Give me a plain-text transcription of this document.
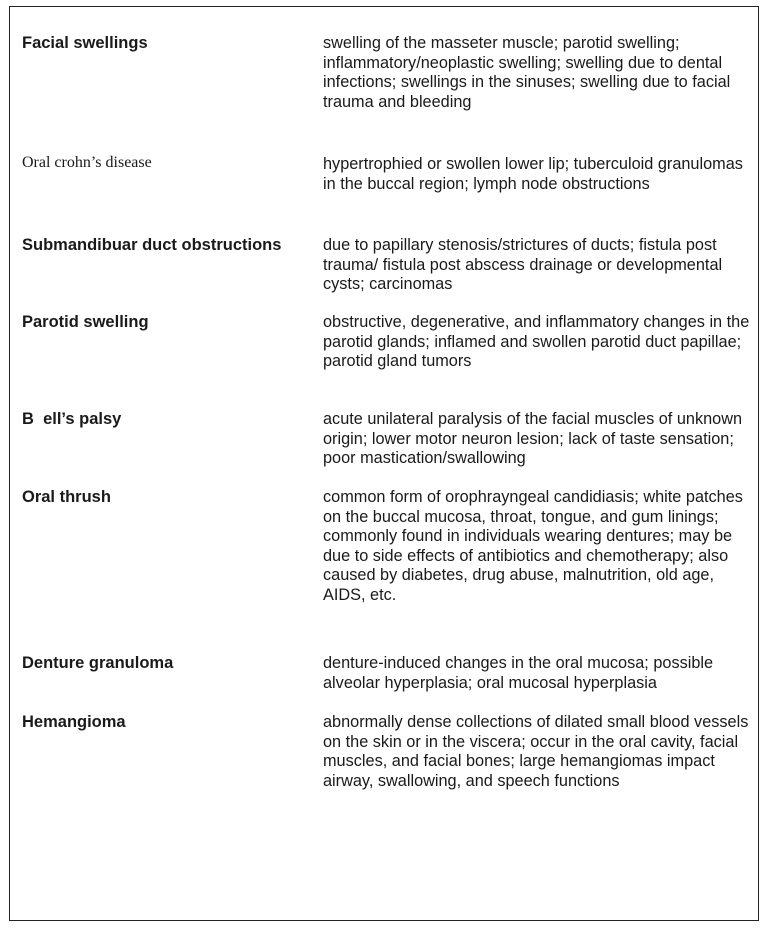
Facial swellings	swelling of the masseter muscle; parotid swelling; inflammatory/neoplastic swelling; swelling due to dental infections; swellings in the sinuses; swelling due to facial trauma and bleeding
Oral crohn’s disease	hypertrophied or swollen lower lip; tuberculoid granulomas in the buccal region; lymph node obstructions
Submandibuar duct obstructions	due to papillary stenosis/strictures of ducts; fistula post trauma/ fistula post abscess drainage or developmental cysts; carcinomas
Parotid swelling	obstructive, degenerative, and inflammatory changes in the parotid glands; inflamed and swollen parotid duct papillae; parotid gland tumors
B  ell’s palsy	acute unilateral paralysis of the facial muscles of unknown origin; lower motor neuron lesion; lack of taste sensation; poor mastication/swallowing
Oral thrush	common form of orophrayngeal candidiasis; white patches on the buccal mucosa, throat, tongue, and gum linings; commonly found in individuals wearing dentures; may be due to side effects of antibiotics and chemotherapy; also caused by diabetes, drug abuse, malnutrition, old age, AIDS, etc.
Denture granuloma	denture-induced changes in the oral mucosa; possible alveolar hyperplasia; oral mucosal hyperplasia
Hemangioma	abnormally dense collections of dilated small blood vessels on the skin or in the viscera; occur in the oral cavity, facial muscles, and facial bones; large hemangiomas impact airway, swallowing, and speech functions
